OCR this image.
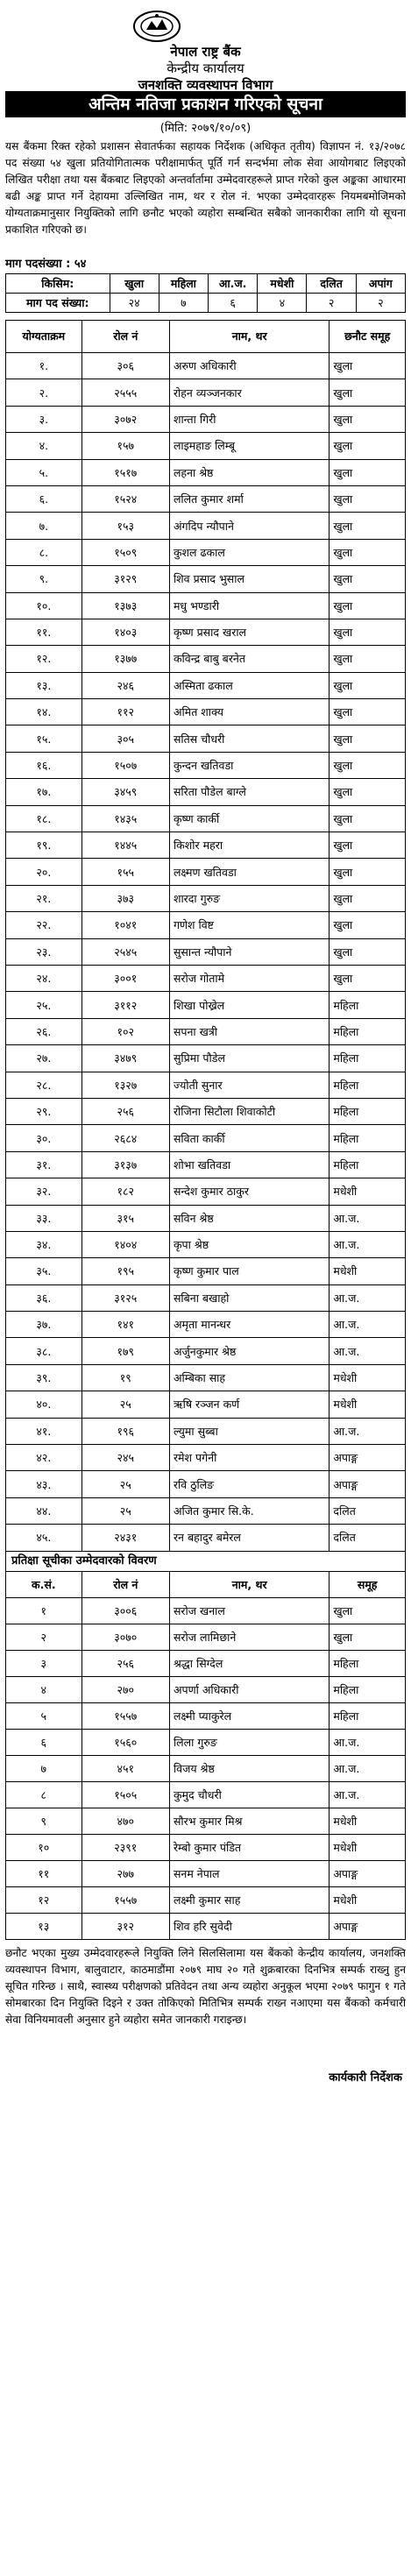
नेपाल राष्ट्र बैंक
केन्द्रीय कार्यालय
जनशक्ति व्यवस्थापन विभाग
अन्तिम नतिजा प्रकाशन गरिएको सूचना
(मिति: २०७९/१०/०९)
यस बैंकमा रिक्त रहेको प्रशासन सेवातर्फका सहायक निर्देशक (अधिकृत तृतीय) विज्ञापन नं. १३/२०७८ पद संख्या ५४ खुला प्रतियोगितात्मक परीक्षामार्फत् पूर्ति गर्न सन्दर्भमा लोक सेवा आयोगबाट लिइएको लिखित परीक्षा तथा यस बैंकबाट लिइएको अन्तर्वार्तामा उम्मेदवारहरूले प्राप्त गरेको कुल अङ्कका आधारमा बढी अङ्क प्राप्त गर्ने देहायमा उल्लिखित नाम, थर र रोल नं. भएका उम्मेदवारहरू नियमबमोजिमको योग्यताक्रमानुसार नियुक्तिको लागि छनौट भएको व्यहोरा सम्बन्धित सबैको जानकारीका लागि यो सूचना प्रकाशित गरिएको छ।
माग पदसंख्या : ५४
किसिम:	खुला	महिला	आ.ज.	मधेशी	दलित	अपांग
माग पद संख्या:	२४	७	६	४	२	२
योग्यताक्रम	रोल नं	नाम, थर	छनौट समूह
१.	३०६	अरुण अधिकारी	खुला
२.	२५५५	रोहन व्यञ्जनकार	खुला
३.	३०७२	शान्ता गिरी	खुला
४.	१५७	लाइमहाङ लिम्बू	खुला
५.	१५१७	लहना श्रेष्ठ	खुला
६.	१५२४	ललित कुमार शर्मा	खुला
७.	१५३	अंगदिप न्यौपाने	खुला
८.	१५०९	कुशल ढकाल	खुला
९.	३१२९	शिव प्रसाद भुसाल	खुला
१०.	१३७३	मधु भण्डारी	खुला
११.	१४०३	कृष्ण प्रसाद खराल	खुला
१२.	१३७७	कविन्द्र बाबु बरनेत	खुला
१३.	२४६	अस्मिता ढकाल	खुला
१४.	११२	अमित शाक्य	खुला
१५.	३०५	सतिस चौधरी	खुला
१६.	१५०७	कुन्दन खतिवडा	खुला
१७.	३४५९	सरिता पौडेल बाग्ले	खुला
१८.	१४३५	कृष्ण कार्की	खुला
१९.	१४४५	किशोर महरा	खुला
२०.	१५५	लक्ष्मण खतिवडा	खुला
२१.	३७३	शारदा गुरुङ	खुला
२२.	१०४१	गणेश विष्ट	खुला
२३.	२५४५	सुसान्त न्यौपाने	खुला
२४.	३००१	सरोज गोतामे	खुला
२५.	३११२	शिखा पोख्रेल	महिला
२६.	१०२	सपना खत्री	महिला
२७.	३४७९	सुप्रिमा पौडेल	महिला
२८.	१३२७	ज्योती सुनार	महिला
२९.	२५६	रोजिना सिटौला शिवाकोटी	महिला
३०.	२६८४	सविता कार्की	महिला
३१.	३१३७	शोभा खतिवडा	महिला
३२.	१८२	सन्देश कुमार ठाकुर	मधेशी
३३.	३१५	सविन श्रेष्ठ	आ.ज.
३४.	१४०४	कृपा श्रेष्ठ	आ.ज.
३५.	१९५	कृष्ण कुमार पाल	मधेशी
३६.	३१२५	सबिना बखाहो	आ.ज.
३७.	१४१	अमृता मानन्धर	आ.ज.
३८.	१७९	अर्जुनकुमार श्रेष्ठ	आ.ज.
३९.	१९	अम्बिका साह	मधेशी
४०.	२५	ऋषि रञ्जन कर्ण	मधेशी
४१.	१९६	ल्युमा सुब्बा	आ.ज.
४२.	२४५	रमेश पगेनी	अपाङ्ग
४३.	२५	रवि ठुलिङ	अपाङ्ग
४४.	२५	अजित कुमार सि.के.	दलित
४५.	२४३१	रन बहादुर बमेरल	दलित
प्रतिक्षा सूचीका उम्मेदवारको विवरण
क.सं.	रोल नं	नाम, थर	समूह
१	३००६	सरोज खनाल	खुला
२	३०७०	सरोज लामिछाने	खुला
३	२५६	श्रद्धा सिग्देल	महिला
४	२७०	अपर्णा अधिकारी	महिला
५	१५५७	लक्ष्मी प्याकुरेल	महिला
६	१५६०	लिला गुरुङ	आ.ज.
७	४५१	विजय श्रेष्ठ	आ.ज.
८	१५०५	कुमुद चौधरी	आ.ज.
९	४७०	सौरभ कुमार मिश्र	मधेशी
१०	२३९१	रेम्बो कुमार पंडित	मधेशी
११	२७७	सनम नेपाल	अपाङ्ग
१२	१५५७	लक्ष्मी कुमार साह	मधेशी
१३	३१२	शिव हरि सुवेदी	अपाङ्ग
छनौट भएका मुख्य उम्मेदवारहरूले नियुक्ति लिने सिलसिलामा यस बैंकको केन्द्रीय कार्यालय, जनशक्ति व्यवस्थापन विभाग, बालुवाटार, काठमाडौंमा २०७९ माघ २० गते शुक्रबारका दिनभित्र सम्पर्क राख्नु हुन सूचित गरिन्छ । साथै, स्वास्थ्य परीक्षणको प्रतिवेदन तथा अन्य व्यहोरा अनुकूल भएमा २०७९ फागुन १ गते सोमबारका दिन नियुक्ति दिइने र उक्त तोकिएको मितिभित्र सम्पर्क राख्न नआएमा यस बैंकको कर्मचारी सेवा विनियमावली अनुसार हुने व्यहोरा समेत जानकारी गराइन्छ।
कार्यकारी निर्देशक
